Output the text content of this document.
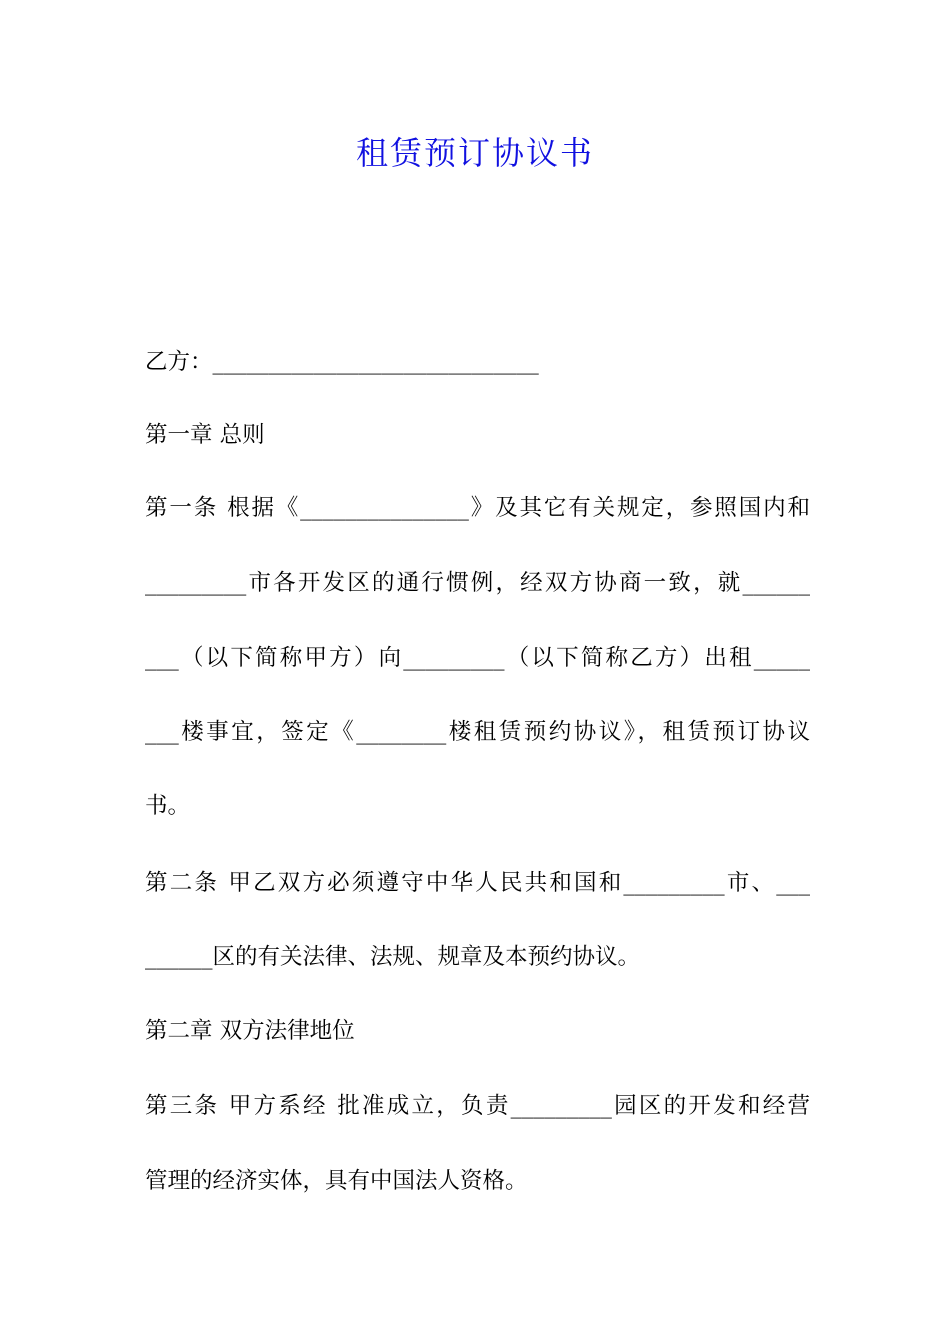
租赁预订协议书
乙方：_____________________________
第一章 总则
第一条 根据《_______________》及其它有关规定，参照国内和
_________市各开发区的通行惯例，经双方协商一致，就______
___（以下简称甲方）向_________（以下简称乙方）出租_____
___楼事宜，签定《________楼租赁预约协议》，租赁预订协议
书。
第二条 甲乙双方必须遵守中华人民共和国和_________市、___
______区的有关法律、法规、规章及本预约协议。
第二章 双方法律地位
第三条 甲方系经 批准成立，负责_________园区的开发和经营
管理的经济实体，具有中国法人资格。
